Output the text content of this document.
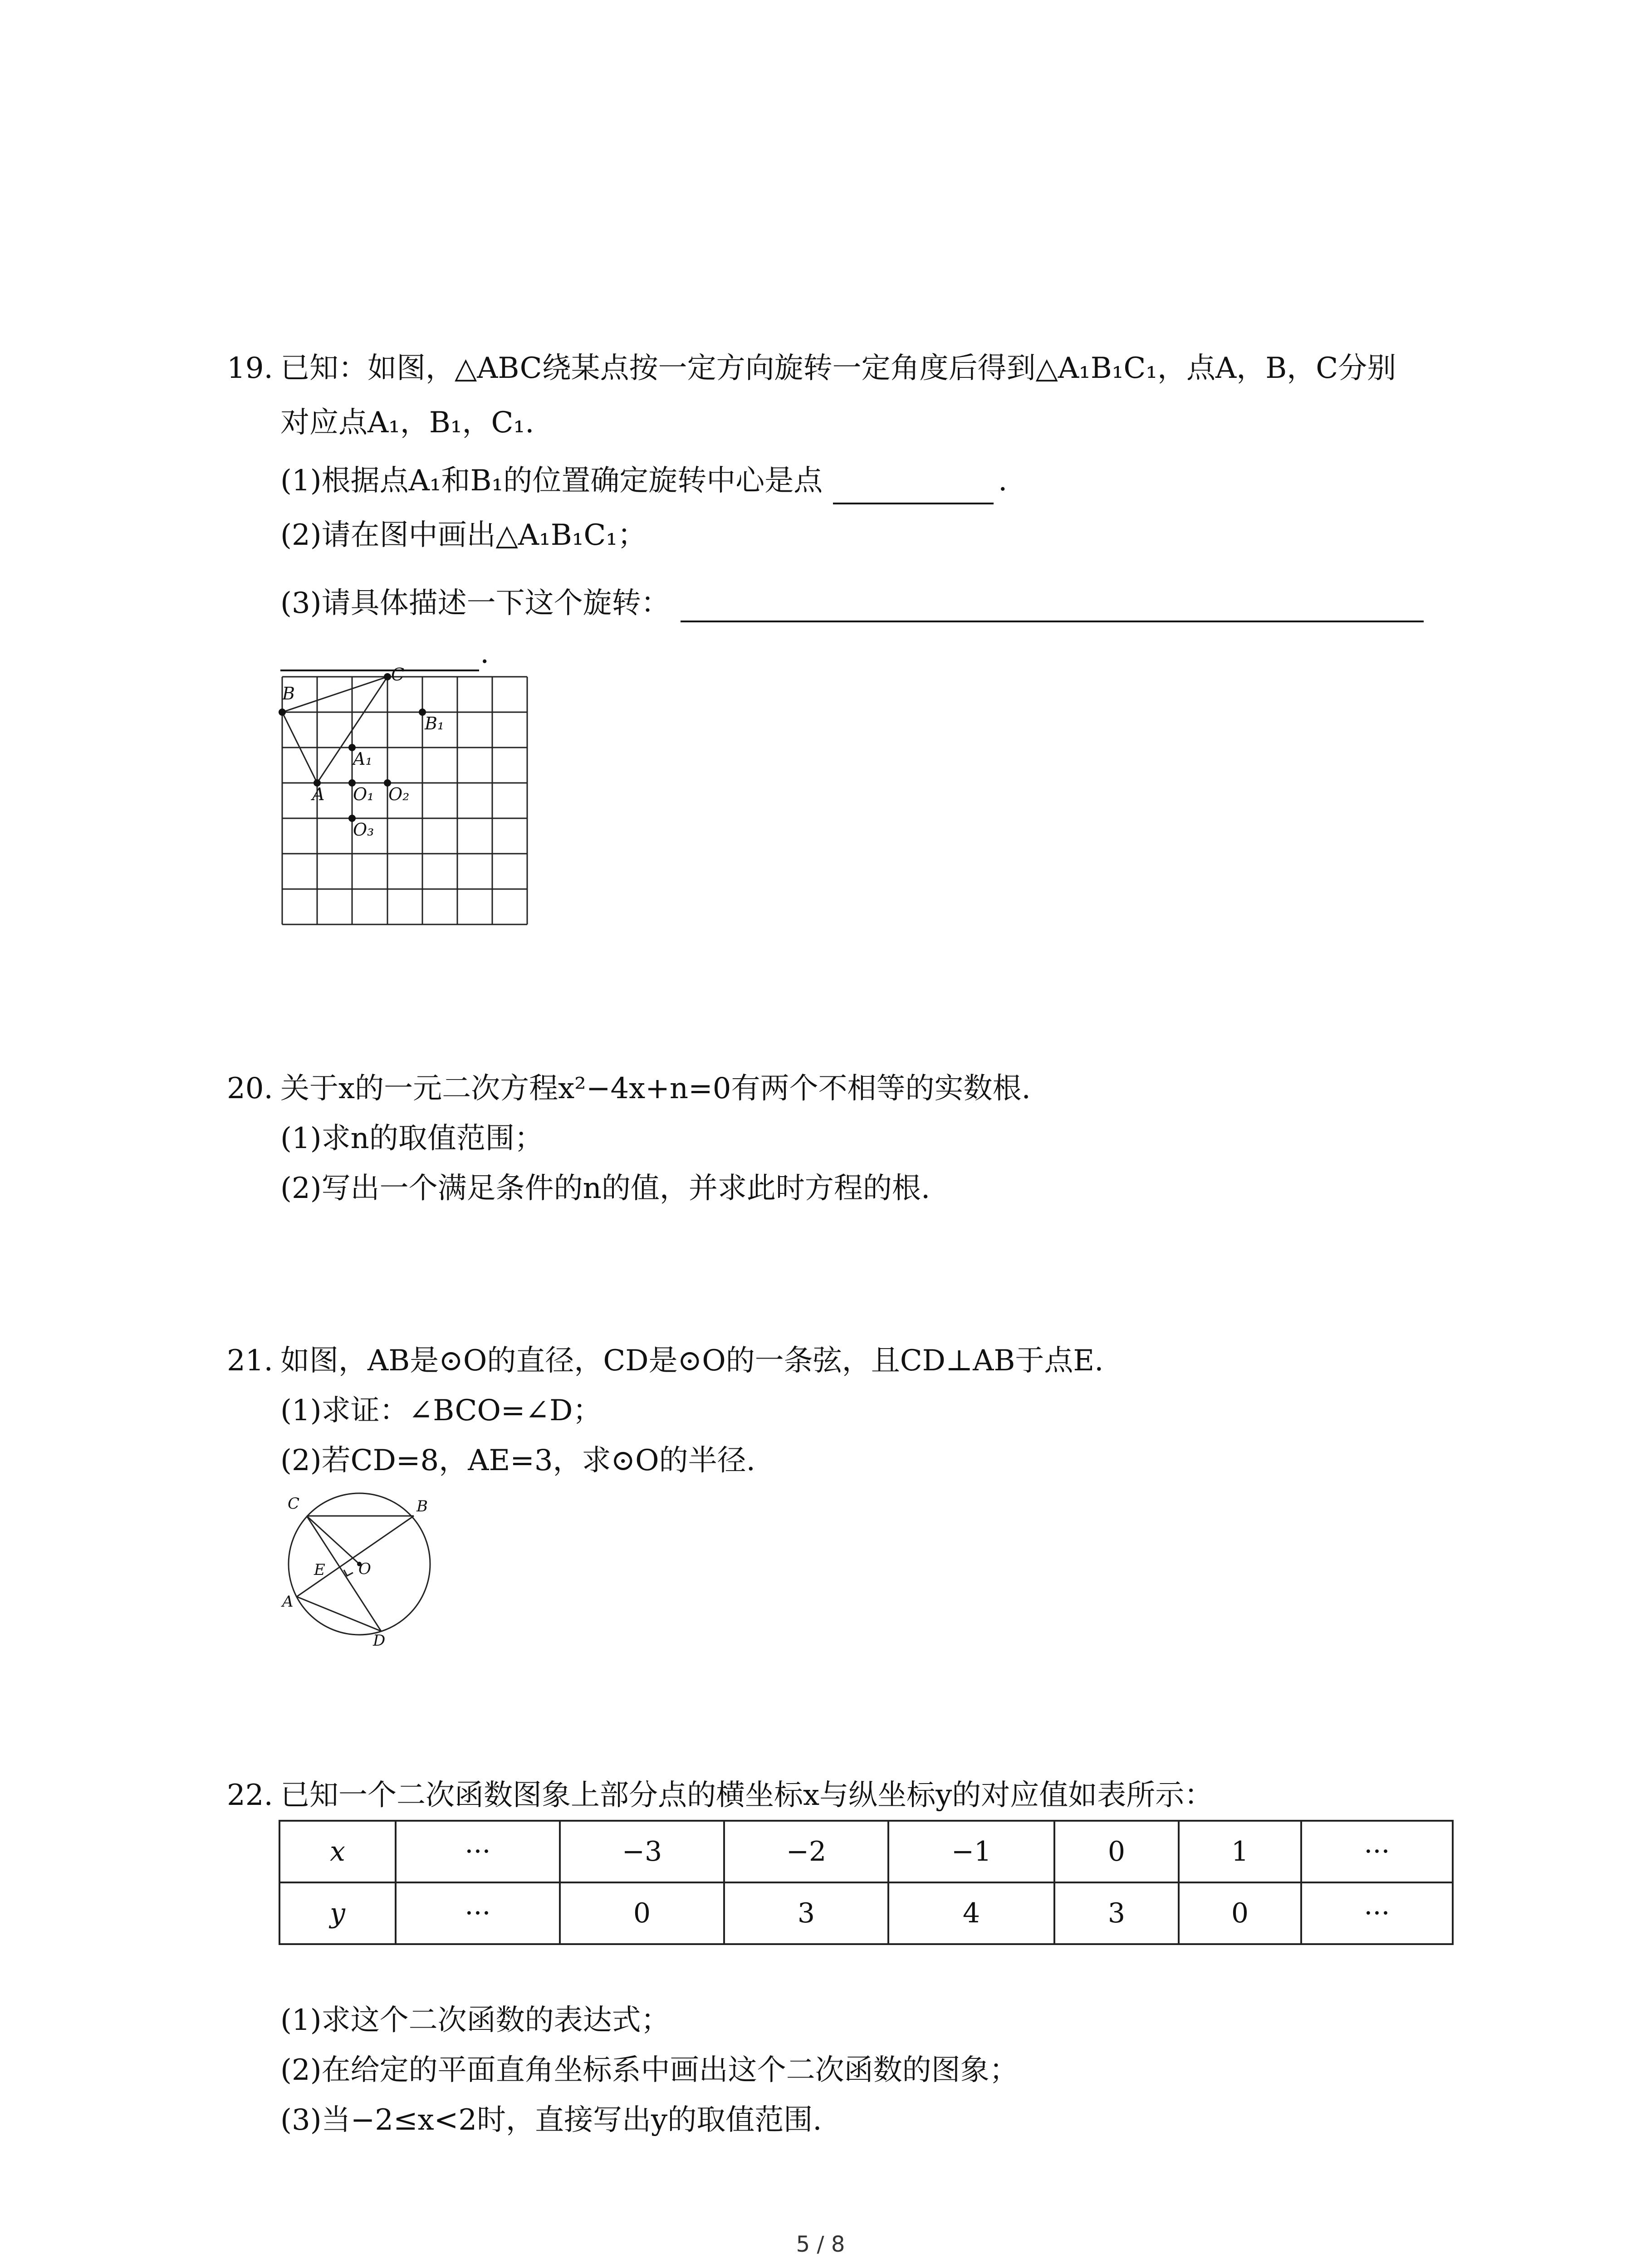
19. 已知：如图，△ABC绕某点按一定方向旋转一定角度后得到△A₁B₁C₁，点A，B，C分别
对应点A₁，B₁，C₁.
(1)根据点A₁和B₁的位置确定旋转中心是点	.
(2)请在图中画出△A₁B₁C₁；
(3)请具体描述一下这个旋转：
.
B
C
B₁
A₁
A O₁ O₂
O₃
20. 关于x的一元二次方程x²−4x+n=0有两个不相等的实数根.
(1)求n的取值范围；
(2)写出一个满足条件的n的值，并求此时方程的根.
21. 如图，AB是⊙O的直径，CD是⊙O的一条弦，且CD⊥AB于点E.
(1)求证：∠BCO=∠D；
(2)若CD=8，AE=3，求⊙O的半径.
C	B
E O
A
D
22. 已知一个二次函数图象上部分点的横坐标x与纵坐标y的对应值如表所示：
x	···	−3	−2	−1	0	1	···
y	···	0	3	4	3	0	···
(1)求这个二次函数的表达式；
(2)在给定的平面直角坐标系中画出这个二次函数的图象；
(3)当−2≤x<2时，直接写出y的取值范围.
5 / 8
